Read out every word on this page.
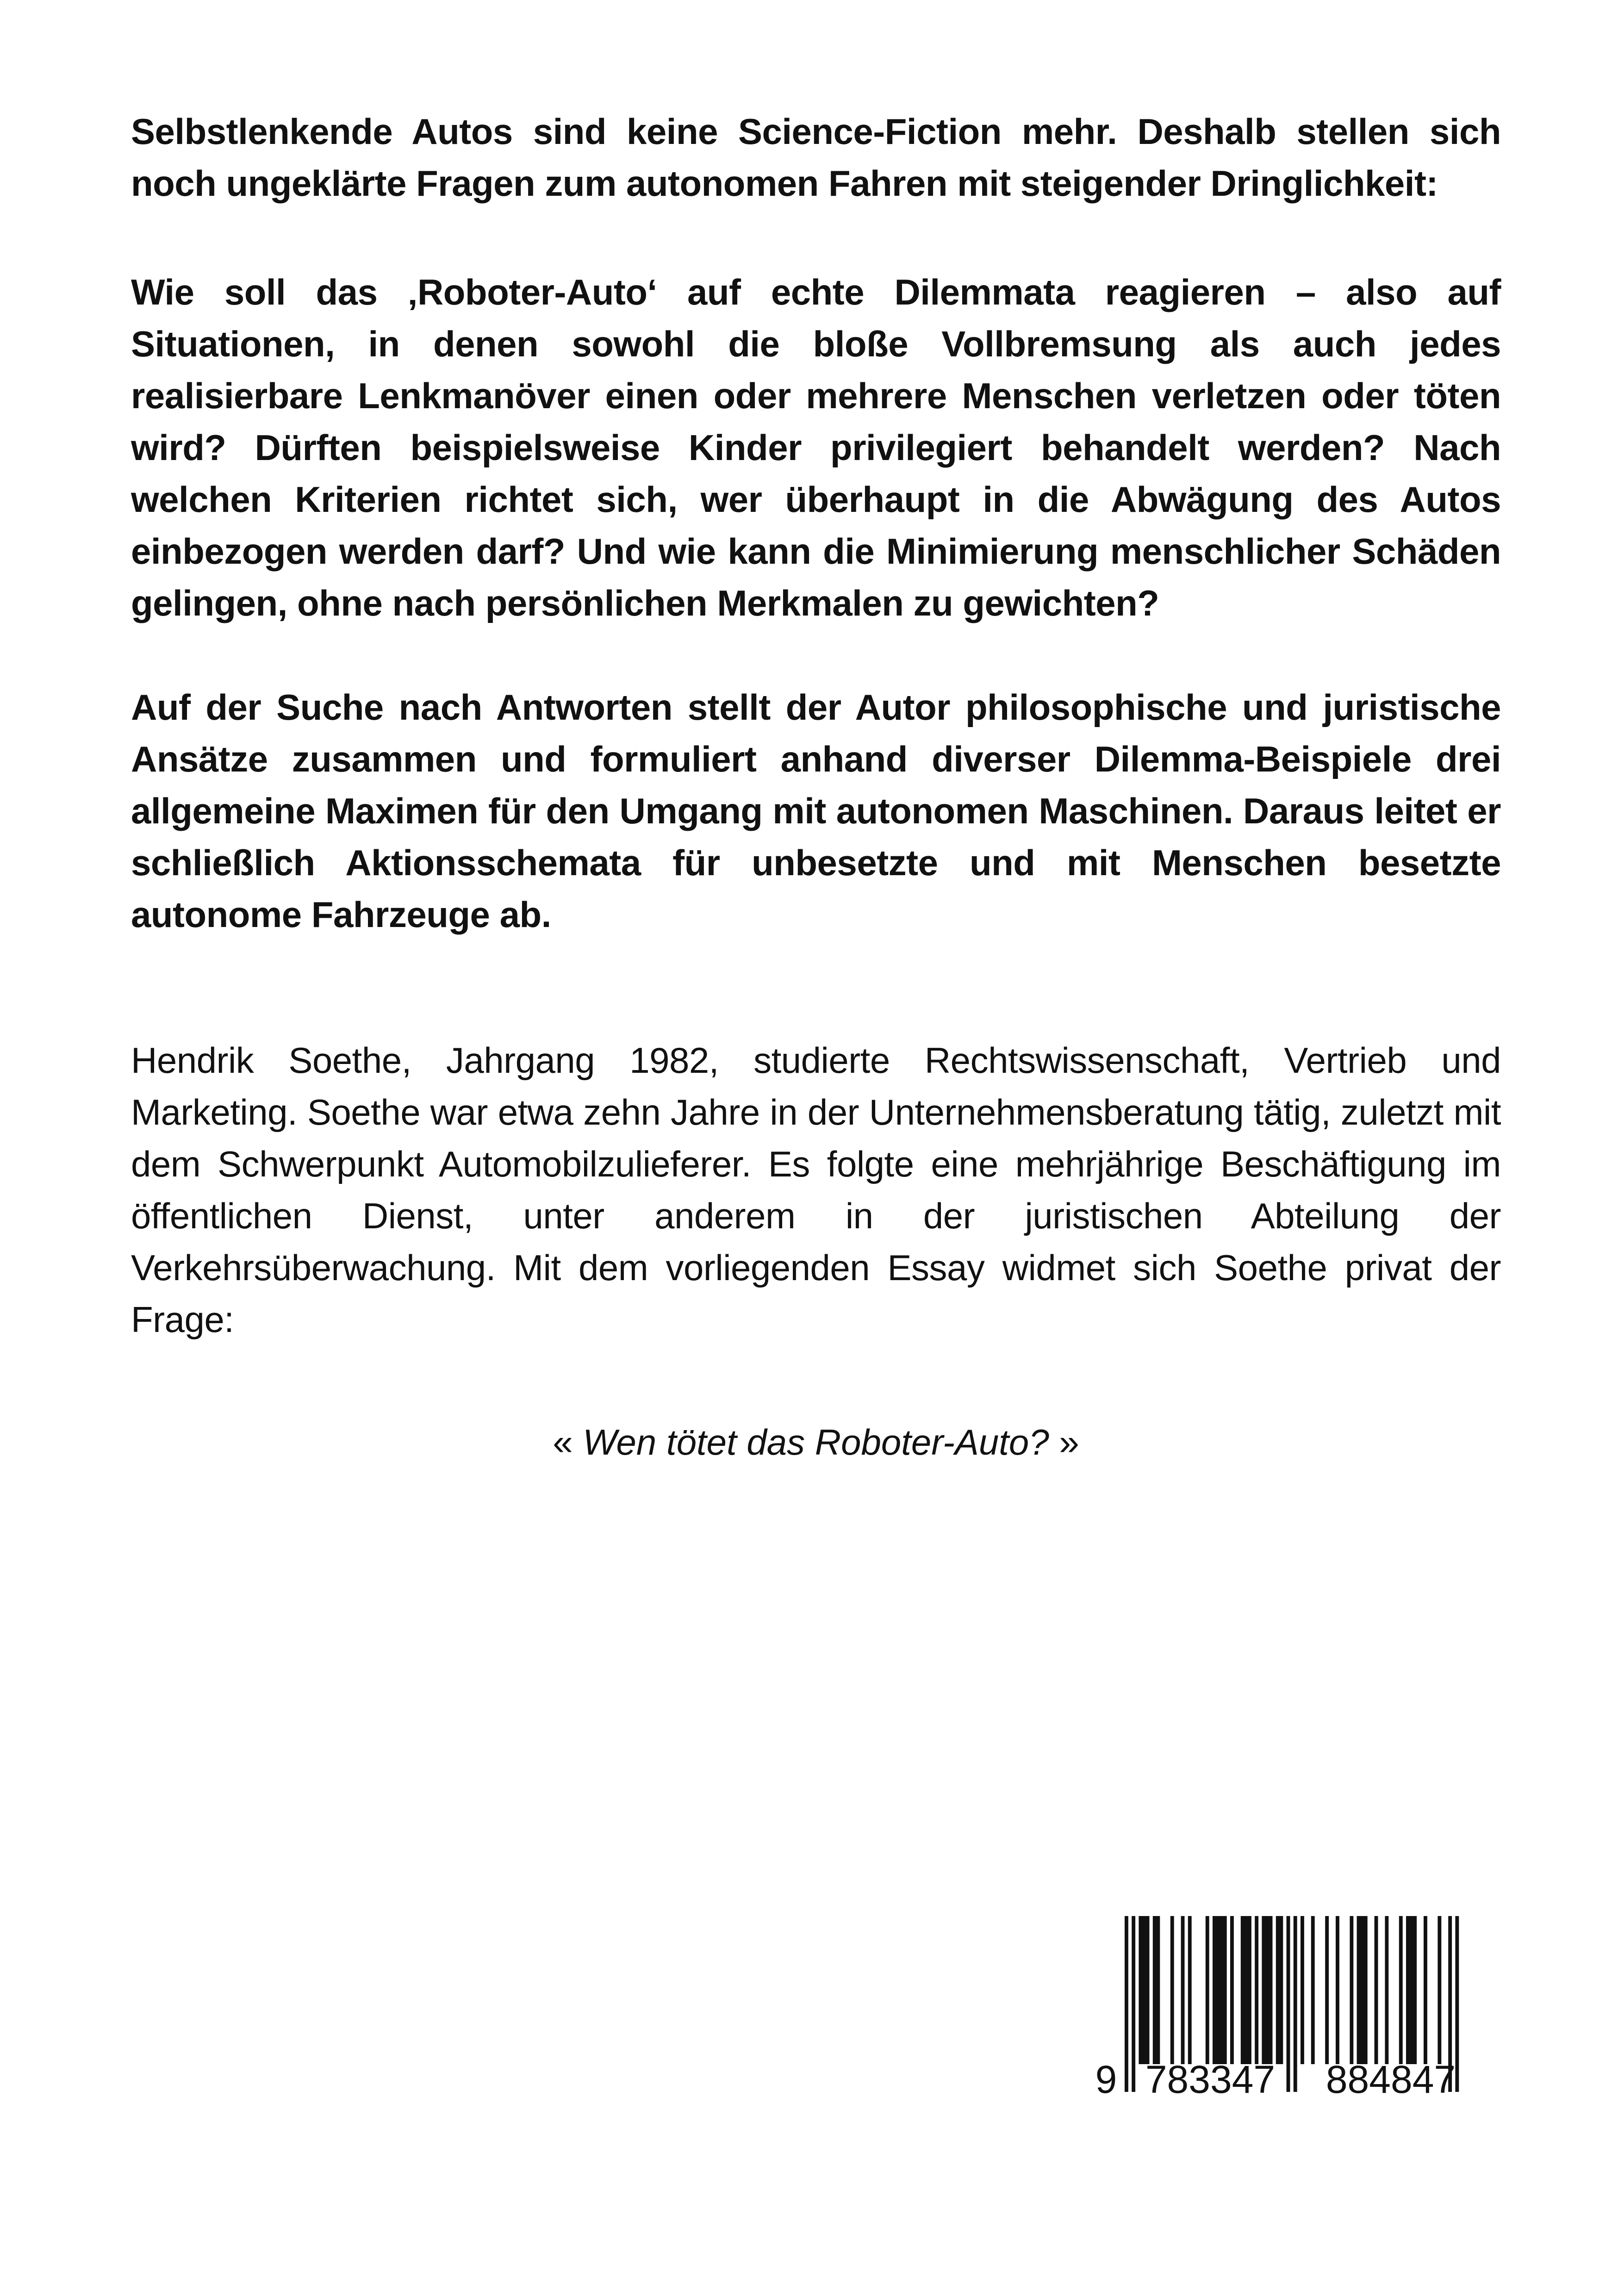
Selbstlenkende Autos sind keine Science-Fiction mehr. Deshalb stellen sich noch ungeklärte Fragen zum autonomen Fahren mit steigender Dringlichkeit:

Wie soll das ‚Roboter-Auto‘ auf echte Dilemmata reagieren – also auf Situationen, in denen sowohl die bloße Vollbremsung als auch jedes realisierbare Lenkmanöver einen oder mehrere Menschen verletzen oder töten wird? Dürften beispielsweise Kinder privilegiert behandelt werden? Nach welchen Kriterien richtet sich, wer überhaupt in die Abwägung des Autos einbezogen werden darf? Und wie kann die Minimierung menschlicher Schäden gelingen, ohne nach persönlichen Merkmalen zu gewichten?

Auf der Suche nach Antworten stellt der Autor philosophische und juristische Ansätze zusammen und formuliert anhand diverser Dilemma-Beispiele drei allgemeine Maximen für den Umgang mit autonomen Maschinen. Daraus leitet er schließlich Aktionsschemata für unbesetzte und mit Menschen besetzte autonome Fahrzeuge ab.

Hendrik Soethe, Jahrgang 1982, studierte Rechtswissenschaft, Vertrieb und Marketing. Soethe war etwa zehn Jahre in der Unternehmensberatung tätig, zuletzt mit dem Schwerpunkt Automobilzulieferer. Es folgte eine mehrjährige Beschäftigung im öffentlichen Dienst, unter anderem in der juristischen Abteilung der Verkehrsüberwachung. Mit dem vorliegenden Essay widmet sich Soethe privat der Frage:

« Wen tötet das Roboter-Auto? »

9 783347 884847
